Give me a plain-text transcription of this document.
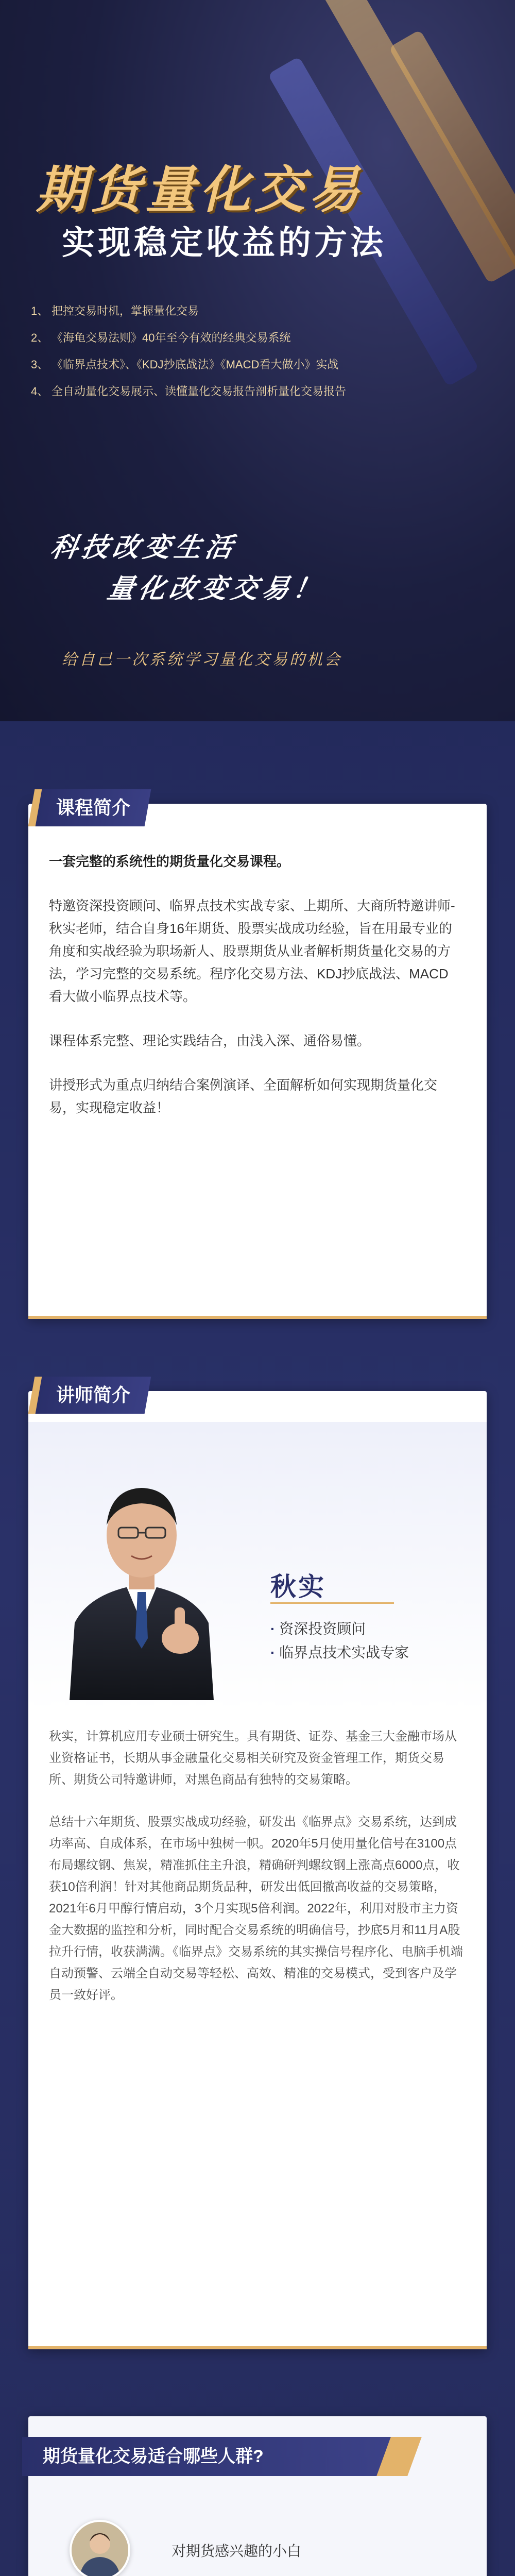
期货量化交易
实现稳定收益的方法
1、 把控交易时机，掌握量化交易
2、 《海龟交易法则》40年至今有效的经典交易系统
3、 《临界点技术》、《KDJ抄底战法》《MACD看大做小》实战
4、 全自动量化交易展示、读懂量化交易报告剖析量化交易报告
科技改变生活
量化改变交易！
给自己一次系统学习量化交易的机会
课程简介

一套完整的系统性的期货量化交易课程。

特邀资深投资顾问、临界点技术实战专家、上期所、大商所特邀讲师-秋实老师，结合自身16年期货、股票实战成功经验，旨在用最专业的角度和实战经验为职场新人、股票期货从业者解析期货量化交易的方法，学习完整的交易系统。程序化交易方法、KDJ抄底战法、MACD看大做小临界点技术等。

课程体系完整、理论实践结合，由浅入深、通俗易懂。

讲授形式为重点归纳结合案例演译、全面解析如何实现期货量化交易，实现稳定收益！

讲师简介
秋实
· 资深投资顾问
· 临界点技术实战专家

秋实，计算机应用专业硕士研究生。具有期货、证券、基金三大金融市场从业资格证书，长期从事金融量化交易相关研究及资金管理工作，期货交易所、期货公司特邀讲师，对黑色商品有独特的交易策略。

总结十六年期货、股票实战成功经验，研发出《临界点》交易系统，达到成功率高、自成体系，在市场中独树一帜。2020年5月使用量化信号在3100点布局螺纹钢、焦炭，精准抓住主升浪，精确研判螺纹钢上涨高点6000点，收获10倍利润！针对其他商品期货品种，研发出低回撤高收益的交易策略，2021年6月甲醇行情启动，3个月实现5倍利润。2022年，利用对股市主力资金大数据的监控和分析，同时配合交易系统的明确信号，抄底5月和11月A股拉升行情，收获满满。《临界点》交易系统的其实操信号程序化、电脑手机端自动预警、云端全自动交易等轻松、高效、精准的交易模式，受到客户及学员一致好评。

期货量化交易适合哪些人群?
对期货感兴趣的小白
